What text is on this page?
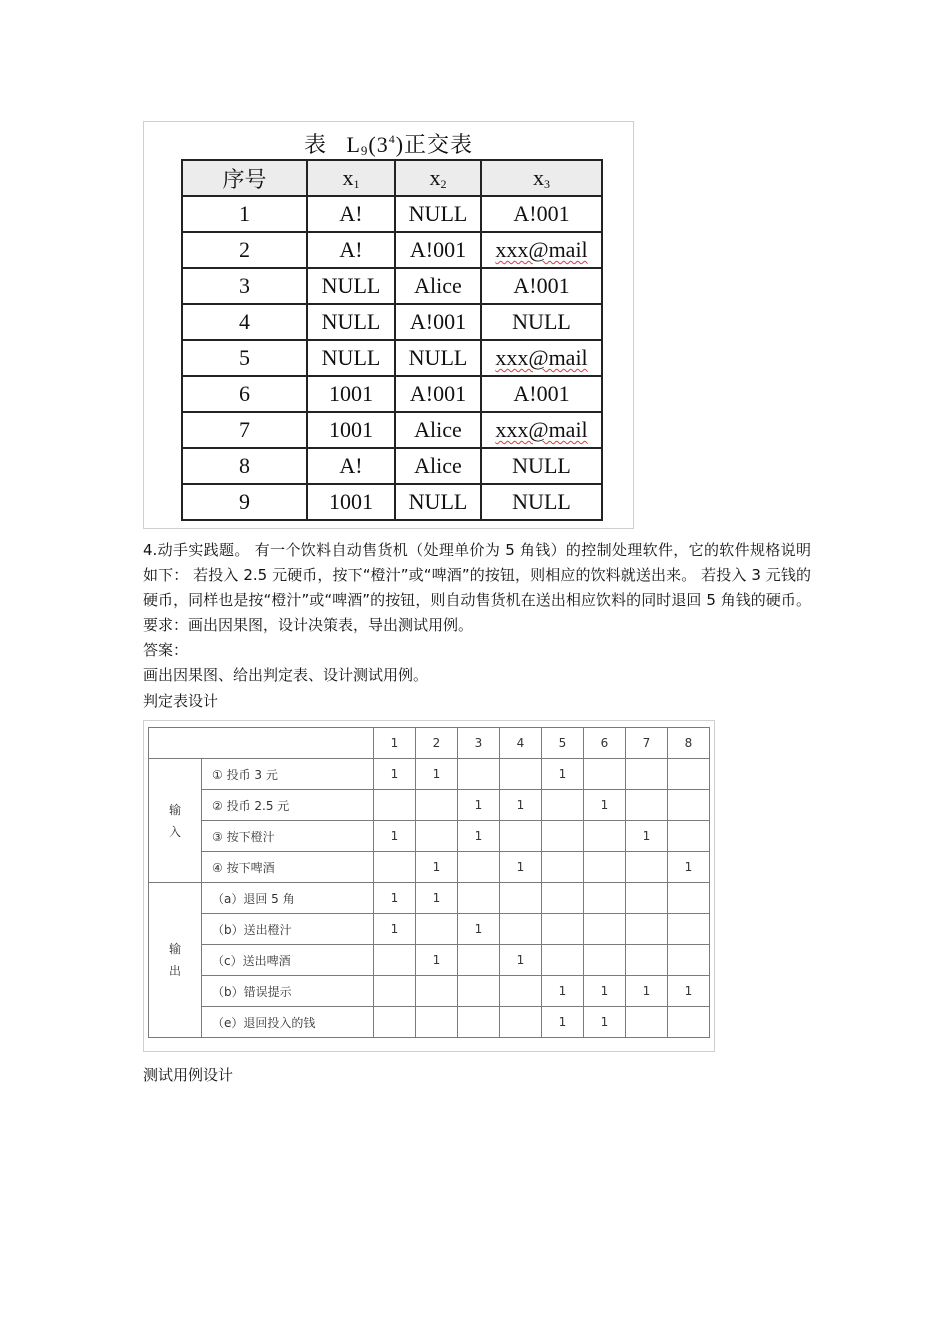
表 $L_9(3^4)$正交表
序号	x1	x2	x3
1	A!	NULL	A!001
2	A!	A!001	xxx@mail
3	NULL	Alice	A!001
4	NULL	A!001	NULL
5	NULL	NULL	xxx@mail
6	1001	A!001	A!001
7	1001	Alice	xxx@mail
8	A!	Alice	NULL
9	1001	NULL	NULL
4.动手实践题。 有一个饮料自动售货机（处理单价为 5 角钱）的控制处理软件，它的软件规格说明如下： 若投入 2.5 元硬币，按下“橙汁”或“啤酒”的按钮，则相应的饮料就送出来。 若投入 3 元钱的硬币，同样也是按“橙汁”或“啤酒”的按钮，则自动售货机在送出相应饮料的同时退回 5 角钱的硬币。 要求：画出因果图，设计决策表，导出测试用例。
答案：
画出因果图、给出判定表、设计测试用例。
判定表设计
		1	2	3	4	5	6	7	8
输
入	① 投币 3 元	1	1			1			
	② 投币 2.5 元			1	1		1		
	③ 按下橙汁	1		1				1	
	④ 按下啤酒		1		1				1
输
出	（a）退回 5 角	1	1						
	（b）送出橙汁	1		1					
	（c）送出啤酒		1		1				
	（b）错误提示					1	1	1	1
	（e）退回投入的钱					1	1		
测试用例设计
